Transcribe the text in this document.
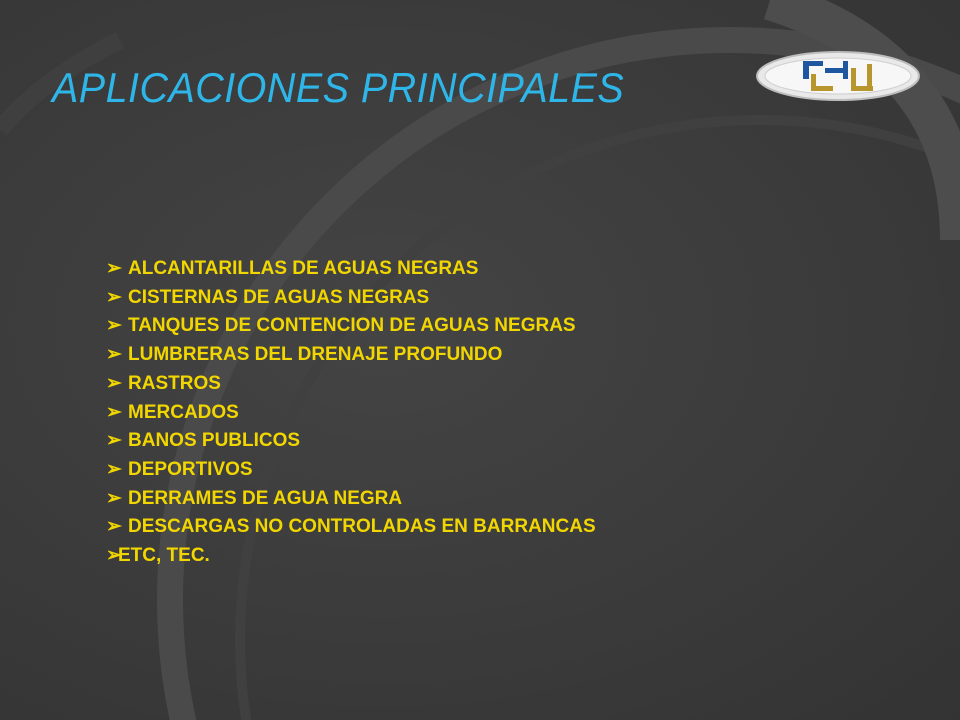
APLICACIONES PRINCIPALES
➢ ALCANTARILLAS DE AGUAS NEGRAS
➢ CISTERNAS DE AGUAS NEGRAS
➢ TANQUES DE CONTENCION DE AGUAS NEGRAS
➢ LUMBRERAS DEL DRENAJE PROFUNDO
➢ RASTROS
➢ MERCADOS
➢ BANOS PUBLICOS
➢ DEPORTIVOS
➢ DERRAMES DE AGUA NEGRA
➢ DESCARGAS NO CONTROLADAS EN BARRANCAS
➢ETC, TEC.
